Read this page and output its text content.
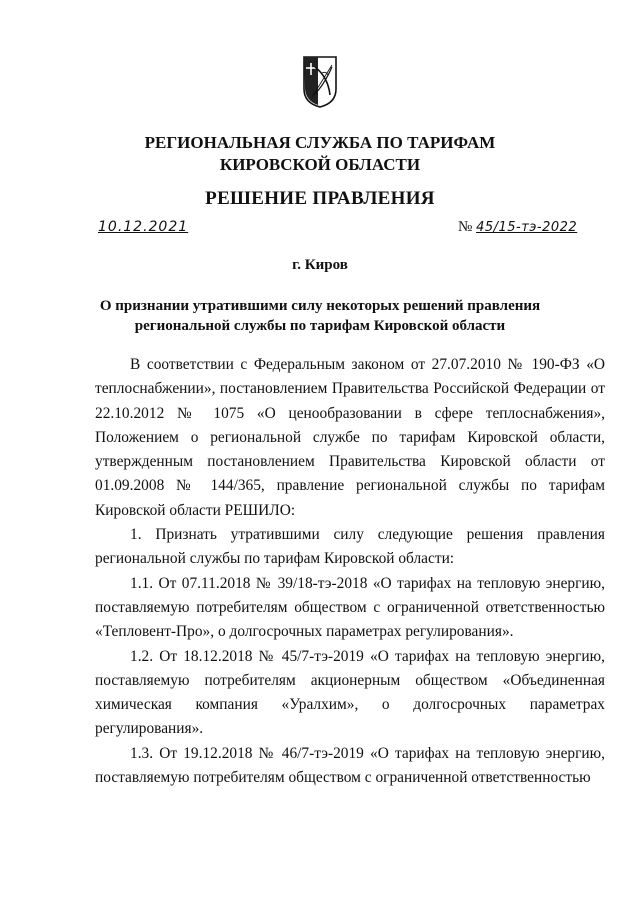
РЕГИОНАЛЬНАЯ СЛУЖБА ПО ТАРИФАМ
КИРОВСКОЙ ОБЛАСТИ
РЕШЕНИЕ ПРАВЛЕНИЯ
10.12.2021	№ 45/15-тэ-2022
г. Киров
О признании утратившими силу некоторых решений правления
региональной службы по тарифам Кировской области

В соответствии с Федеральным законом от 27.07.2010 № 190-ФЗ «О теплоснабжении», постановлением Правительства Российской Федерации от 22.10.2012 № 1075 «О ценообразовании в сфере теплоснабжения», Положением о региональной службе по тарифам Кировской области, утвержденным постановлением Правительства Кировской области от 01.09.2008 № 144/365, правление региональной службы по тарифам Кировской области РЕШИЛО:

1. Признать утратившими силу следующие решения правления региональной службы по тарифам Кировской области:

1.1. От 07.11.2018 № 39/18-тэ-2018 «О тарифах на тепловую энергию, поставляемую потребителям обществом с ограниченной ответственностью «Тепловент-Про», о долгосрочных параметрах регулирования».

1.2. От 18.12.2018 № 45/7-тэ-2019 «О тарифах на тепловую энергию, поставляемую потребителям акционерным обществом «Объединенная химическая компания «Уралхим», о долгосрочных параметрах регулирования».

1.3. От 19.12.2018 № 46/7-тэ-2019 «О тарифах на тепловую энергию, поставляемую потребителям обществом с ограниченной ответственностью
